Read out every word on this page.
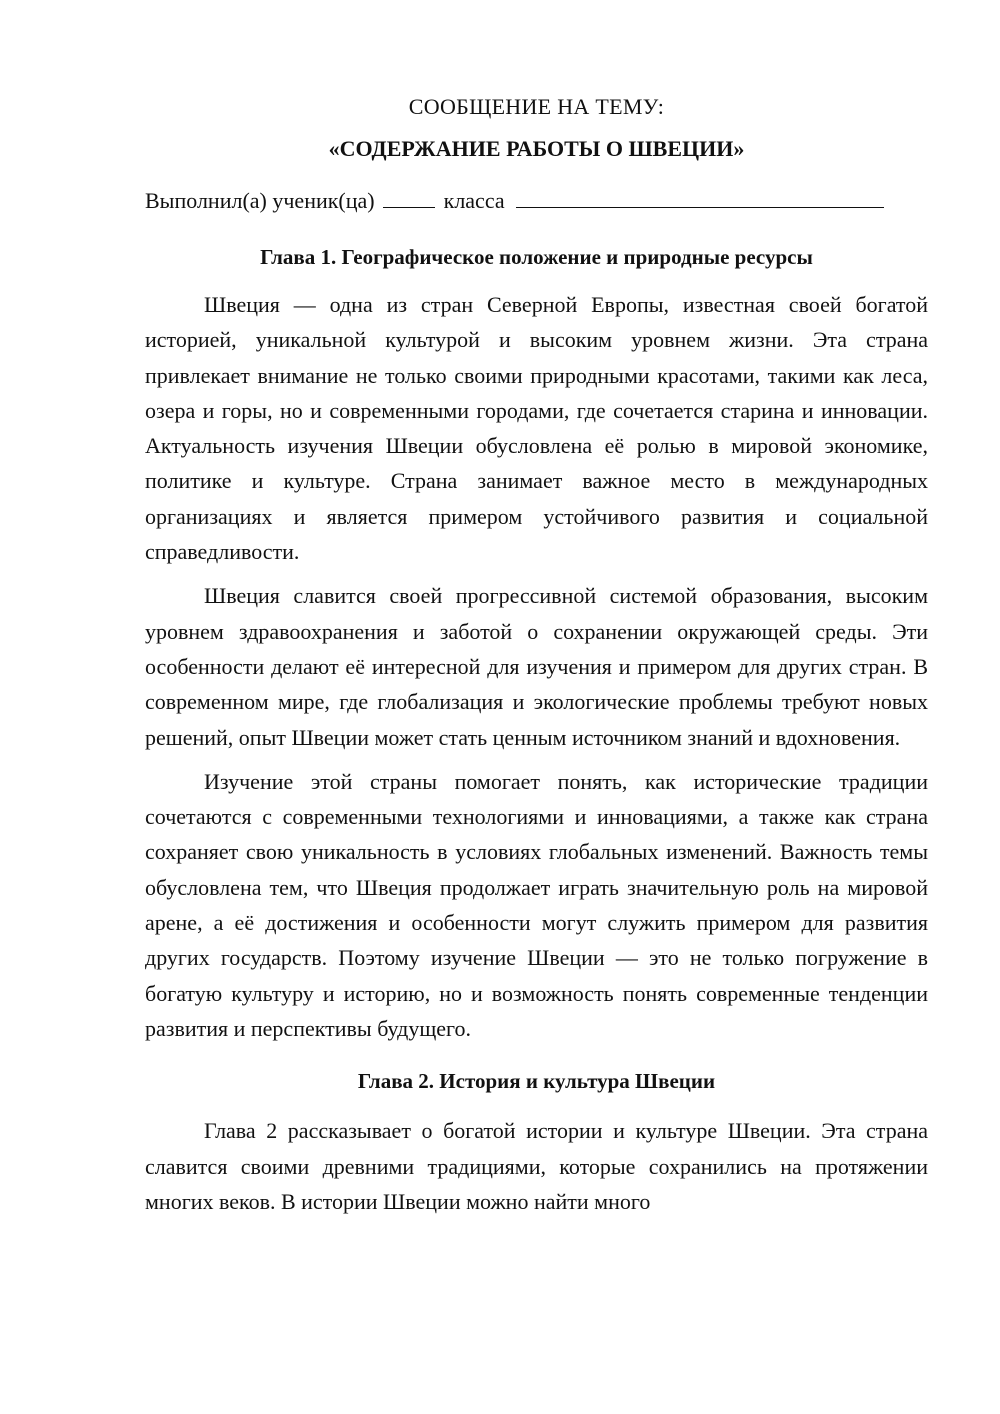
СООБЩЕНИЕ НА ТЕМУ:

«СОДЕРЖАНИЕ РАБОТЫ О ШВЕЦИИ»

Выполнил(а) ученик(ца)	класса
Глава 1. Географическое положение и природные ресурсы

Швеция — одна из стран Северной Европы, известная своей богатой историей, уникальной культурой и высоким уровнем жизни. Эта страна привлекает внимание не только своими природными красотами, такими как леса, озера и горы, но и современными городами, где сочетается старина и инновации. Актуальность изучения Швеции обусловлена её ролью в мировой экономике, политике и культуре. Страна занимает важное место в международных организациях и является примером устойчивого развития и социальной справедливости.

Швеция славится своей прогрессивной системой образования, высоким уровнем здравоохранения и заботой о сохранении окружающей среды. Эти особенности делают её интересной для изучения и примером для других стран. В современном мире, где глобализация и экологические проблемы требуют новых решений, опыт Швеции может стать ценным источником знаний и вдохновения.

Изучение этой страны помогает понять, как исторические традиции сочетаются с современными технологиями и инновациями, а также как страна сохраняет свою уникальность в условиях глобальных изменений. Важность темы обусловлена тем, что Швеция продолжает играть значительную роль на мировой арене, а её достижения и особенности могут служить примером для развития других государств. Поэтому изучение Швеции — это не только погружение в богатую культуру и историю, но и возможность понять современные тенденции развития и перспективы будущего.

Глава 2. История и культура Швеции

Глава 2 рассказывает о богатой истории и культуре Швеции. Эта страна славится своими древними традициями, которые сохранились на протяжении многих веков. В истории Швеции можно найти много
